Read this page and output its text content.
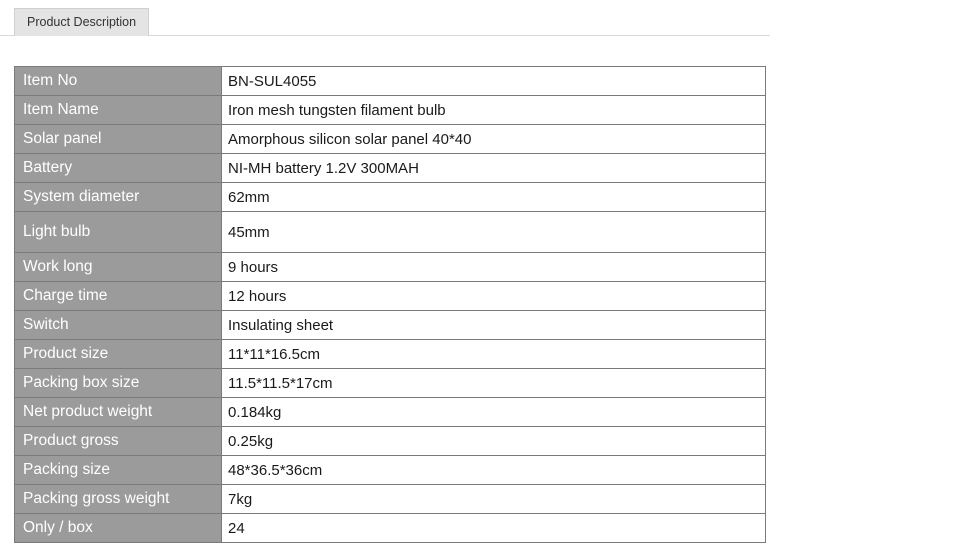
Product Description
Item No	BN-SUL4055
Item Name	Iron mesh tungsten filament bulb
Solar panel	Amorphous silicon solar panel 40*40
Battery	NI-MH battery 1.2V 300MAH
System diameter	62mm
Light bulb	45mm
Work long	9 hours
Charge time	12 hours
Switch	Insulating sheet
Product size	11*11*16.5cm
Packing box size	11.5*11.5*17cm
Net product weight	0.184kg
Product gross	0.25kg
Packing size	48*36.5*36cm
Packing gross weight	7kg
Only / box	24
